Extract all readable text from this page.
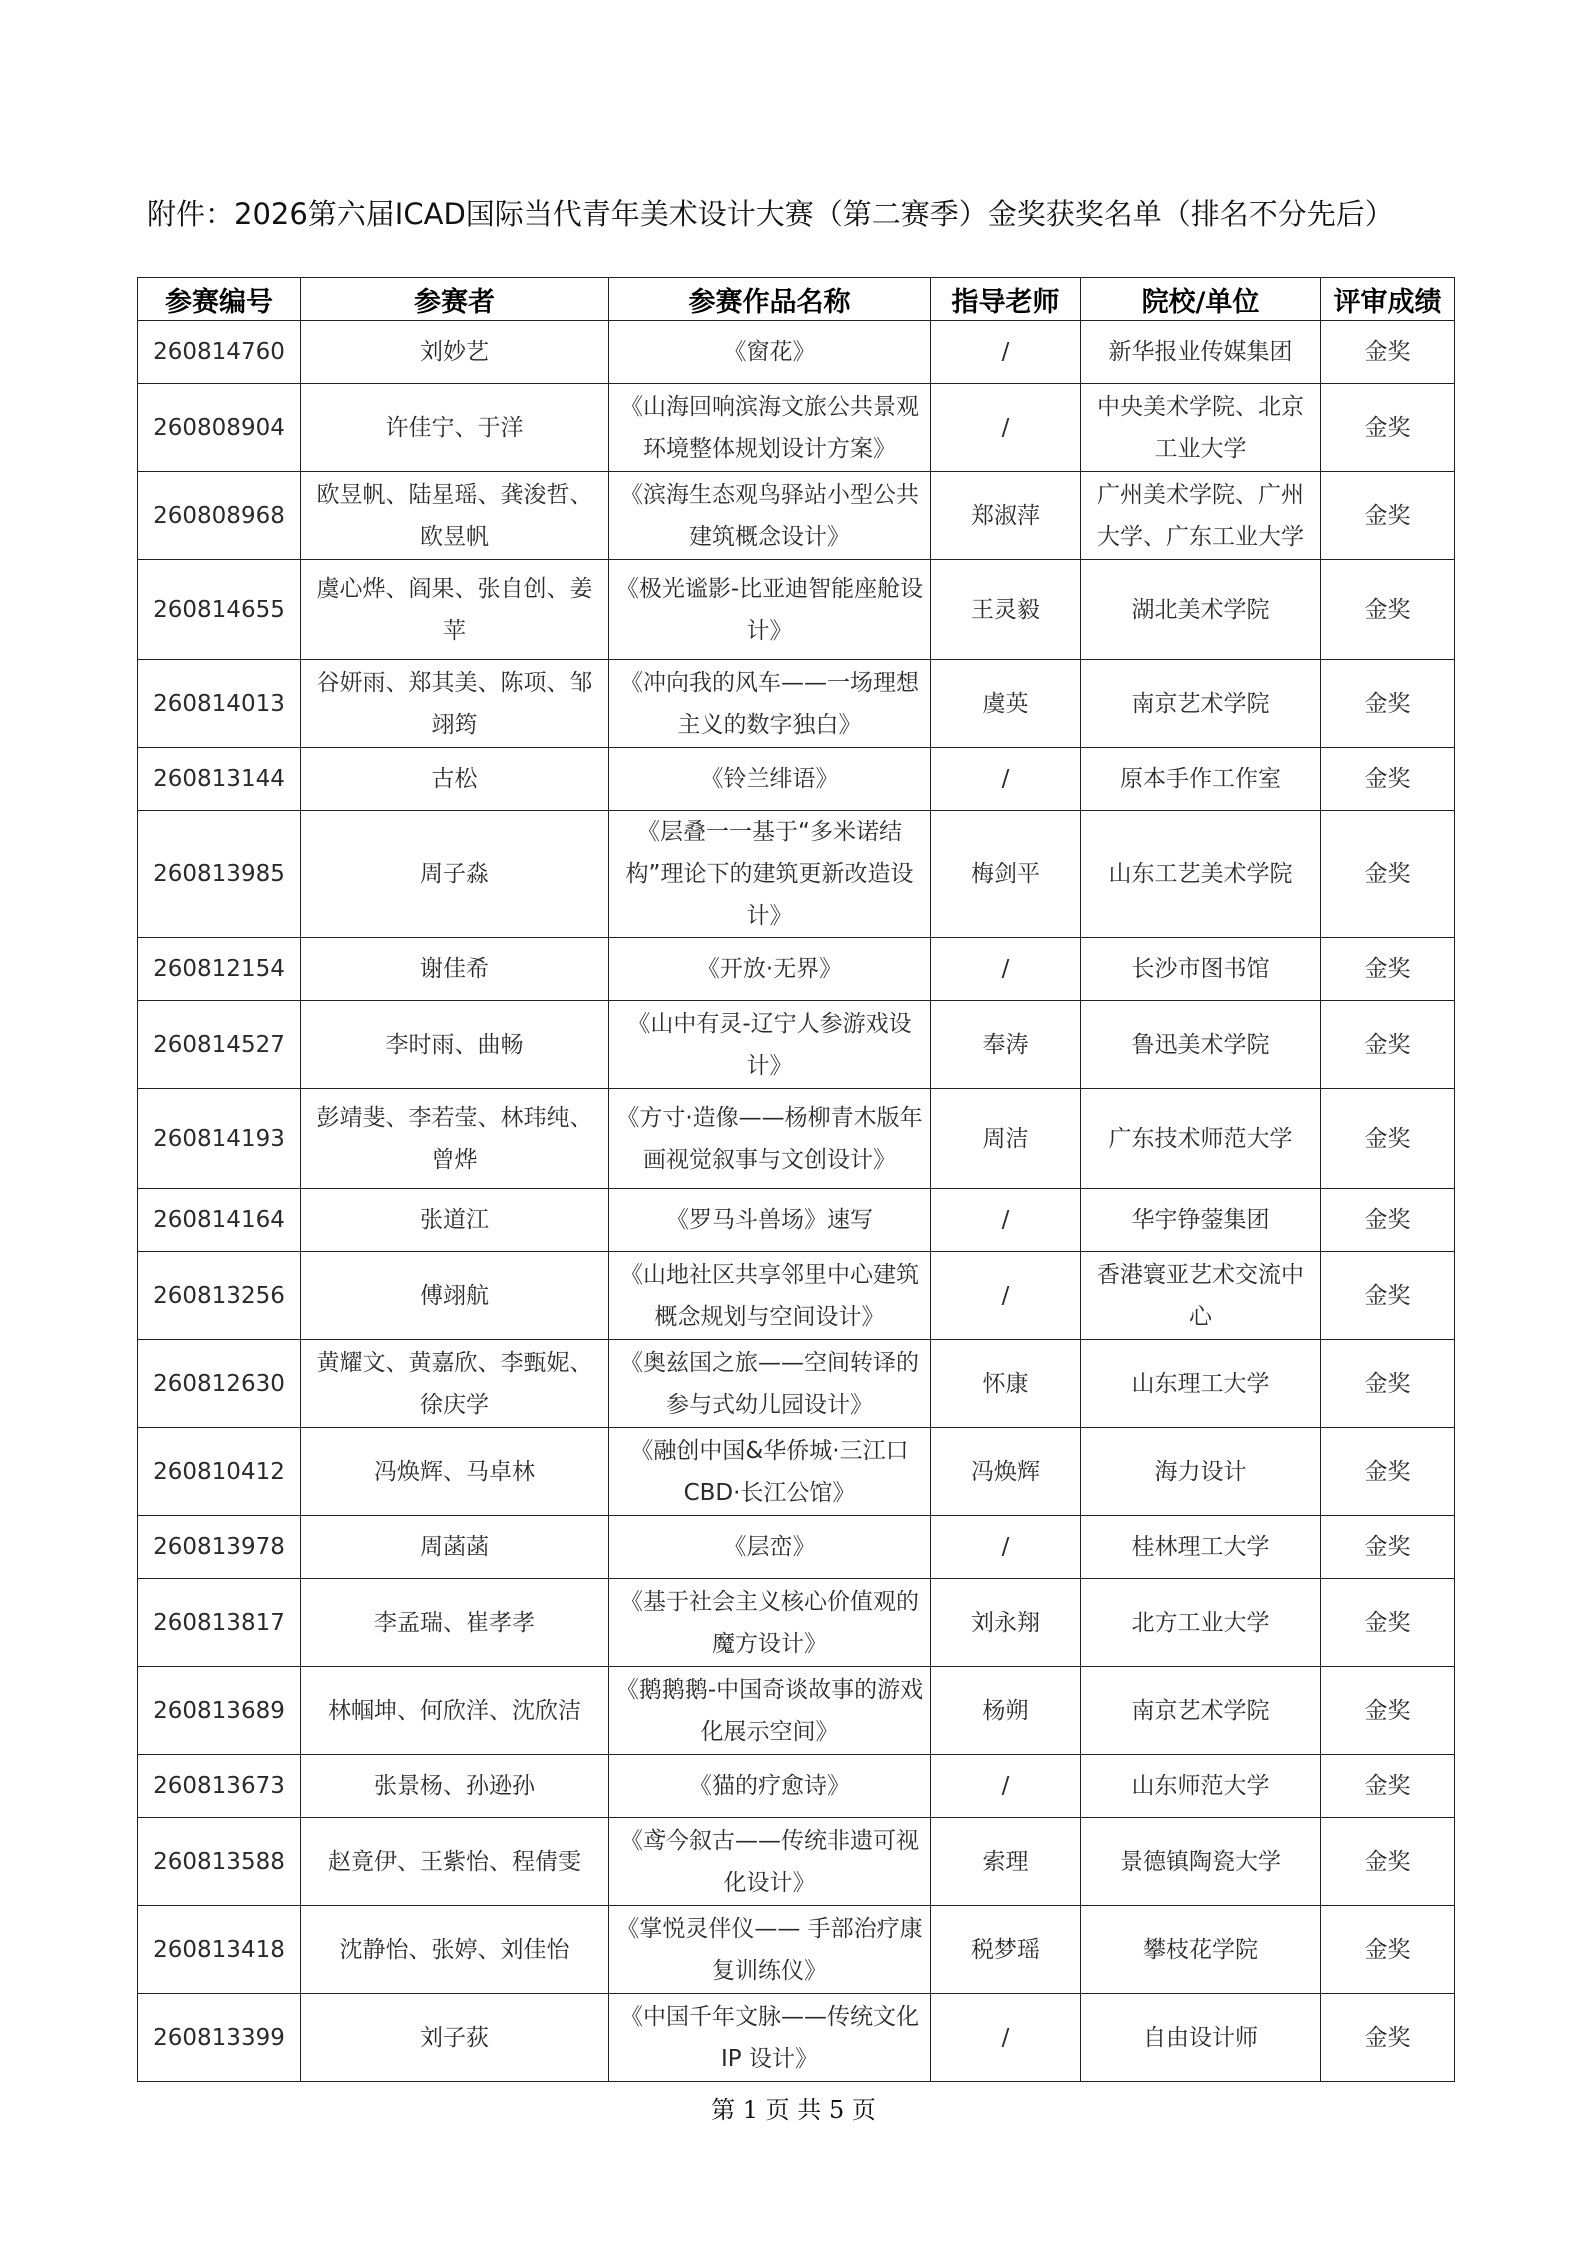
附件：2026第六届ICAD国际当代青年美术设计大赛（第二赛季）金奖获奖名单（排名不分先后）
参赛编号	参赛者	参赛作品名称	指导老师	院校/单位	评审成绩
260814760	刘妙艺	《窗花》	/	新华报业传媒集团	金奖
260808904	许佳宁、于洋	《山海回响滨海文旅公共景观环境整体规划设计方案》	/	中央美术学院、北京工业大学	金奖
260808968	欧昱帆、陆星瑶、龚浚哲、欧昱帆	《滨海生态观鸟驿站小型公共建筑概念设计》	郑淑萍	广州美术学院、广州大学、广东工业大学	金奖
260814655	虞心烨、阎果、张自创、姜苹	《极光谧影-比亚迪智能座舱设计》	王灵毅	湖北美术学院	金奖
260814013	谷妍雨、郑其美、陈项、邹翊筠	《冲向我的风车——一场理想主义的数字独白》	虞英	南京艺术学院	金奖
260813144	古松	《铃兰绯语》	/	原本手作工作室	金奖
260813985	周子淼	《层叠一一基于“多米诺结构”理论下的建筑更新改造设计》	梅剑平	山东工艺美术学院	金奖
260812154	谢佳希	《开放·无界》	/	长沙市图书馆	金奖
260814527	李时雨、曲畅	《山中有灵-辽宁人参游戏设计》	奉涛	鲁迅美术学院	金奖
260814193	彭靖斐、李若莹、林玮纯、曾烨	《方寸·造像——杨柳青木版年画视觉叙事与文创设计》	周洁	广东技术师范大学	金奖
260814164	张道江	《罗马斗兽场》速写	/	华宇铮蓥集团	金奖
260813256	傅翊航	《山地社区共享邻里中心建筑概念规划与空间设计》	/	香港寰亚艺术交流中心	金奖
260812630	黄耀文、黄嘉欣、李甄妮、徐庆学	《奥兹国之旅——空间转译的参与式幼儿园设计》	怀康	山东理工大学	金奖
260810412	冯焕辉、马卓林	《融创中国&华侨城·三江口CBD·长江公馆》	冯焕辉	海力设计	金奖
260813978	周菡菡	《层峦》	/	桂林理工大学	金奖
260813817	李孟瑞、崔孝孝	《基于社会主义核心价值观的魔方设计》	刘永翔	北方工业大学	金奖
260813689	林帼坤、何欣洋、沈欣洁	《鹅鹅鹅-中国奇谈故事的游戏化展示空间》	杨朔	南京艺术学院	金奖
260813673	张景杨、孙逊孙	《猫的疗愈诗》	/	山东师范大学	金奖
260813588	赵竟伊、王紫怡、程倩雯	《鸢今叙古——传统非遗可视化设计》	索理	景德镇陶瓷大学	金奖
260813418	沈静怡、张婷、刘佳怡	《掌悦灵伴仪—— 手部治疗康复训练仪》	税梦瑶	攀枝花学院	金奖
260813399	刘子荻	《中国千年文脉——传统文化 IP 设计》	/	自由设计师	金奖

第 1 页 共 5 页
